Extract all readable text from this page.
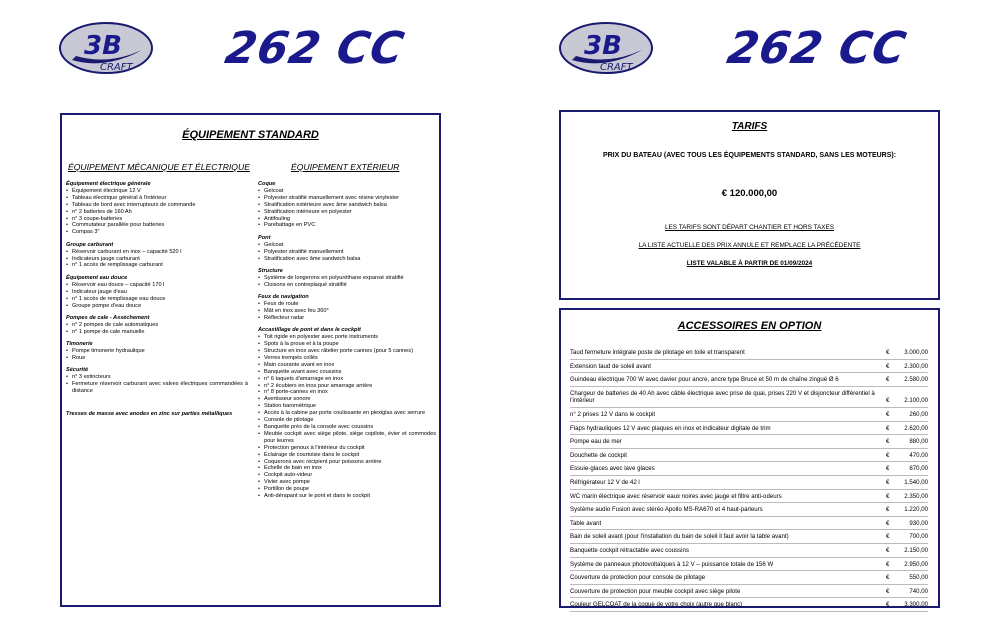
3B
CRAFT 262 CC	3B
CRAFT 262 CC
ÉQUIPEMENT STANDARD
ÉQUIPEMENT MÉCANIQUE ET ÉLECTRIQUE	ÉQUIPEMENT EXTÉRIEUR
Équipement électrique générale
• Équipement électrique 12 V
• Tableau électrique général à l'intérieur
• Tableau de bord avec interrupteurs de commande
• n° 2 batteries de 160 Ah
• n° 3 coupe-batteries
• Commutateur parallèle pour batteries
• Compas 3"
Groupe carburant
• Réservoir carburant en inox – capacité 520 l
• Indicateurs jauge carburant
• n° 1 accès de remplissage carburant
Équipement eau douce
• Réservoir eau douce – capacité 170 l
• Indicateur jauge d'eau
• n° 1 accès de remplissage eau douce
• Groupe pompe d'eau douce
Pompes de cale - Assèchement
• n° 2 pompes de cale automatiques
• n° 1 pompe de cale manuelle
Timonerie
• Pompe timonerie hydraulique
• Roue
Sécurité
• n° 3 extincteurs
• Fermeture réservoir carburant avec valves électriques commandées à distance
Tresses de masse avec anodes en zinc sur parties métalliques
Coque
• Gelcoat
• Polyester stratifié manuellement avec résine vinylester
• Stratification extérieure avec âme sandwich balsa
• Stratification intérieure en polyester
• Antifouling
• Parebattage en PVC
Pont
• Gelcoat
• Polyester stratifié manuellement
• Stratification avec âme sandwich balsa
Structure
• Système de longerons en polyuréthane expansé stratifié
• Cloisons en contreplaqué stratifié
Feux de navigation
• Feux de route
• Mât en inox avec feu 360°
• Réflecteur radar
Accastillage de pont et dans le cockpit
• Toit rigide en polyester avec porte instruments
• Spots à la proue et à la poupe
• Structure en inox avec râtelier porte cannes (pour 5 cannes)
• Verres trempés collés
• Main courante avant en inox
• Banquette avant avec coussins
• n° 6 taquets d'amarrage en inox
• n° 2 écubiers en inox pour amarrage arrière
• n° 8 porte-cannes en inox
• Avertisseur sonore
• Station barométrique
• Accès à la cabine par porte coulissante en plexiglas avec serrure
• Console de pilotage
• Banquette près de la console avec coussins
• Meuble cockpit avec siège pilote, siège copilote, évier et commodes pour leurres
• Protection genoux à l'intérieur du cockpit
• Éclairage de courtoisie dans le cockpit
• Coquerons avec récipient pour poissons arrière
• Échelle de bain en inox
• Cockpit auto-videur
• Vivier avec pompe
• Portillon de poupe
• Anti-dérapant sur le pont et dans le cockpit
TARIFS
PRIX DU BATEAU (AVEC TOUS LES ÉQUIPEMENTS STANDARD, SANS LES MOTEURS):
€ 120.000,00
LES TARIFS SONT DÉPART CHANTIER ET HORS TAXES
LA LISTE ACTUELLE DES PRIX ANNULE ET REMPLACE LA PRÉCÉDENTE
LISTE VALABLE À PARTIR DE 01/09/2024
ACCESSOIRES EN OPTION
Taud fermeture intégrale poste de pilotage en toile et transparent	€ 3.000,00
Extension taud de soleil avant	€ 2.300,00
Guindeau électrique 700 W avec davier pour ancre, ancre type Bruce et 50 m de chaîne zingué Ø 6	€ 2.580,00
Chargeur de batteries de 40 Ah avec câble électrique avec prise de quai, prises 220 V et disjoncteur différentiel à l'intérieur	€ 2.100,00
n° 2 prises 12 V dans le cockpit	€	260,00
Flaps hydrauliques 12 V avec plaques en inox et indicateur digitale de trim	€ 2.620,00
Pompe eau de mer	€	880,00
Douchette de cockpit	€	470,00
Essuie-glaces avec lave glaces	€	870,00
Réfrigérateur 12 V de 42 l	€ 1.540,00
WC marin électrique avec réservoir eaux noires avec jauge et filtre anti-odeurs	€ 2.350,00
Système audio Fusion avec stéréo Apollo MS-RA670 et 4 haut-parleurs	€ 1.220,00
Table avant	€	930,00
Bain de soleil avant (pour l'installation du bain de soleil il faut avoir la table avant)	€	700,00
Banquette cockpit rétractable avec coussins	€ 2.150,00
Système de panneaux photovoltaïques à 12 V – puissance totale de 156 W	€ 2.950,00
Couverture de protection pour console de pilotage	€	550,00
Couverture de protection pour meuble cockpit avec siège pilote	€	740,00
Couleur GELCOAT de la coque de votre choix (autre que blanc)	€ 3.300,00
